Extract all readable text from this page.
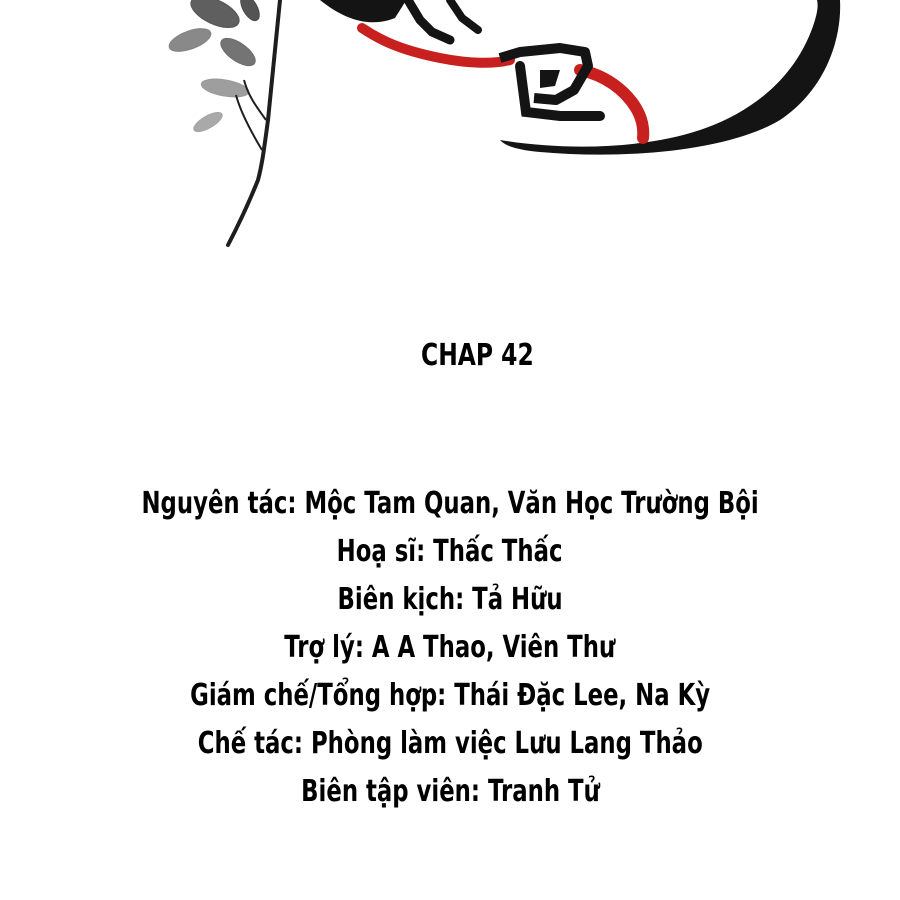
CHAP 42
Nguyên tác: Mộc Tam Quan, Văn Học Trường Bội
Hoạ sĩ: Thấc Thấc
Biên kịch: Tả Hữu
Trợ lý: A A Thao, Viên Thư
Giám chế/Tổng hợp: Thái Đặc Lee, Na Kỳ
Chế tác: Phòng làm việc Lưu Lang Thảo
Biên tập viên: Tranh Tử
